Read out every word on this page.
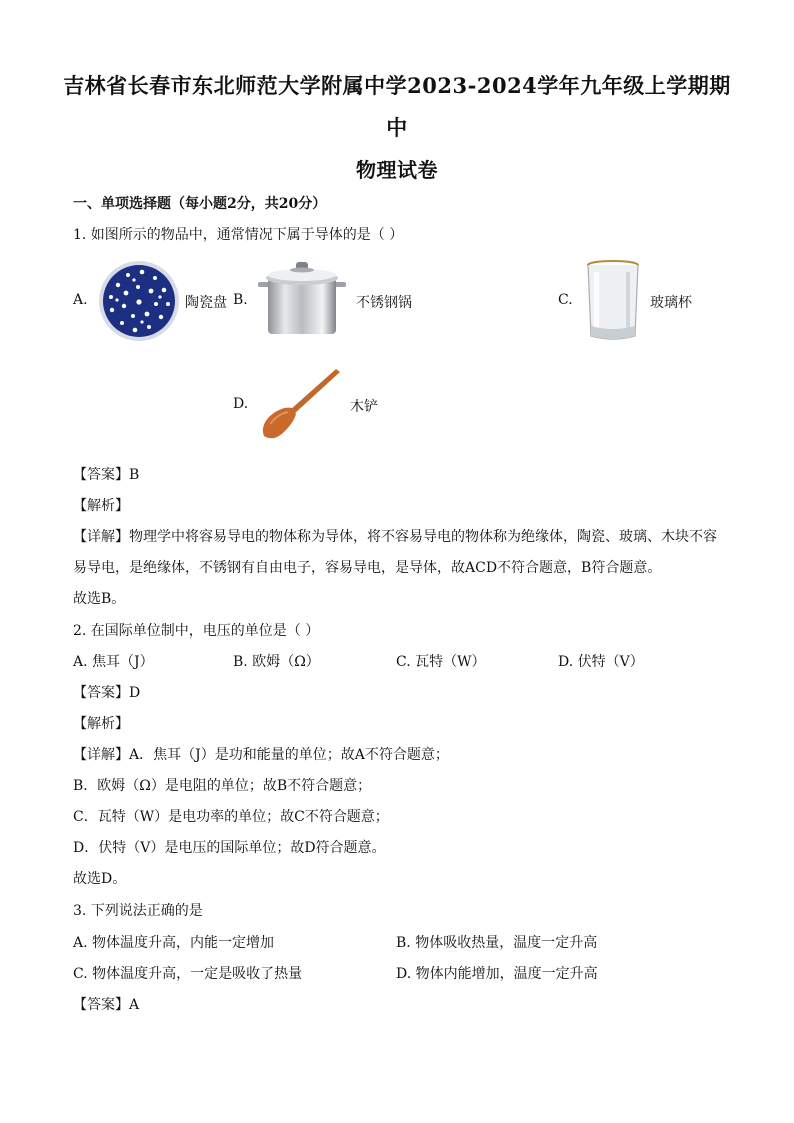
吉林省长春市东北师范大学附属中学2023-2024学年九年级上学期期
中
物理试卷
一、单项选择题（每小题2分，共20分）
1. 如图所示的物品中，通常情况下属于导体的是（ ）
A.	陶瓷盘 B.	不锈钢锅	C.	玻璃杯
D.	木铲
【答案】B
【解析】
【详解】物理学中将容易导电的物体称为导体，将不容易导电的物体称为绝缘体，陶瓷、玻璃、木块不容
易导电，是绝缘体，不锈钢有自由电子，容易导电，是导体，故ACD不符合题意，B符合题意。
故选B。
2. 在国际单位制中，电压的单位是（ ）
A. 焦耳（J）	B. 欧姆（Ω）	C. 瓦特（W）	D. 伏特（V）
【答案】D
【解析】
【详解】A．焦耳（J）是功和能量的单位；故A不符合题意；
B．欧姆（Ω）是电阻的单位；故B不符合题意；
C．瓦特（W）是电功率的单位；故C不符合题意；
D．伏特（V）是电压的国际单位；故D符合题意。
故选D。
3. 下列说法正确的是
A. 物体温度升高，内能一定增加	B. 物体吸收热量，温度一定升高
C. 物体温度升高，一定是吸收了热量	D. 物体内能增加，温度一定升高
【答案】A
